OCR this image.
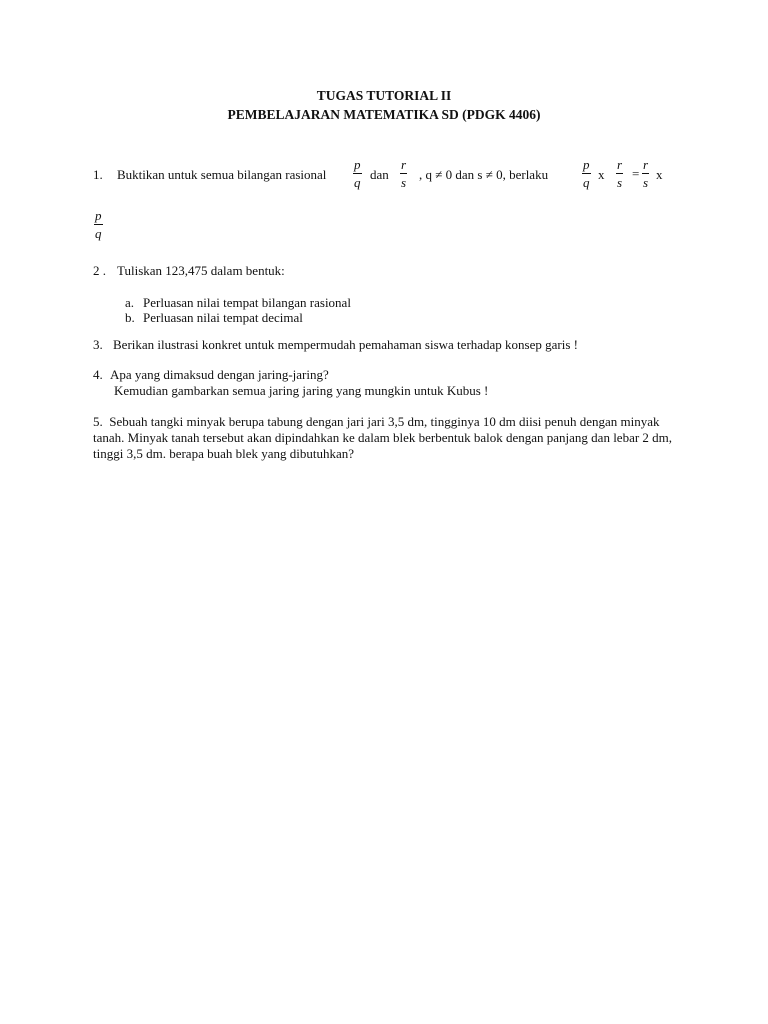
TUGAS TUTORIAL II
PEMBELAJARAN MATEMATIKA SD (PDGK 4406)
1. Buktikan untuk semua bilangan rasional $\frac{p}{q}$ dan $\frac{r}{s}$ , q ≠ 0 dan s ≠ 0, berlaku	$\frac{p}{q}$ x $\frac{r}{s} = \frac{r}{s}$ x
$\frac{p}{q}$
2 . Tuliskan 123,475 dalam bentuk:
a. Perluasan nilai tempat bilangan rasional
b. Perluasan nilai tempat decimal
3. Berikan ilustrasi konkret untuk mempermudah pemahaman siswa terhadap konsep garis !
4. Apa yang dimaksud dengan jaring-jaring?
Kemudian gambarkan semua jaring jaring yang mungkin untuk Kubus !
5. Sebuah tangki minyak berupa tabung dengan jari jari 3,5 dm, tingginya 10 dm diisi penuh dengan minyak tanah. Minyak tanah tersebut akan dipindahkan ke dalam blek berbentuk balok dengan panjang dan lebar 2 dm, tinggi 3,5 dm. berapa buah blek yang dibutuhkan?
